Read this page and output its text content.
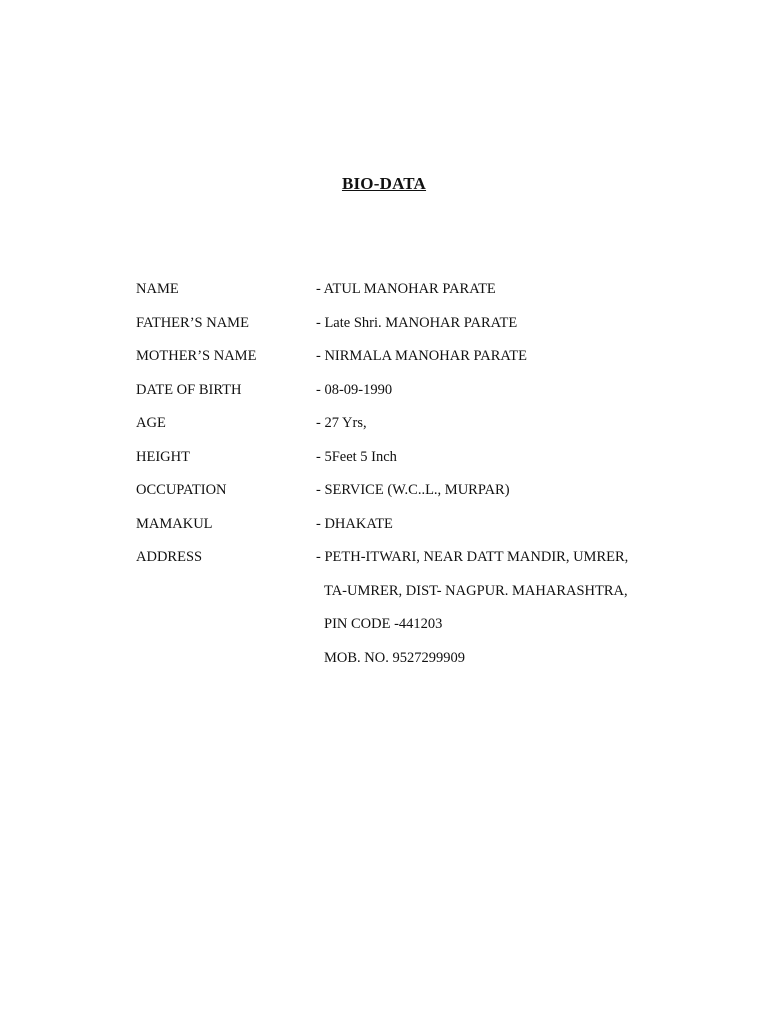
BIO-DATA
NAME	- ATUL MANOHAR PARATE
FATHER’S NAME	- Late Shri. MANOHAR PARATE
MOTHER’S NAME	- NIRMALA MANOHAR PARATE
DATE OF BIRTH	- 08-09-1990
AGE	- 27 Yrs,
HEIGHT	- 5Feet 5 Inch
OCCUPATION	- SERVICE (W.C..L., MURPAR)
MAMAKUL	- DHAKATE
ADDRESS	- PETH-ITWARI, NEAR DATT MANDIR, UMRER,
TA-UMRER, DIST- NAGPUR. MAHARASHTRA,
PIN CODE -441203
MOB. NO. 9527299909
